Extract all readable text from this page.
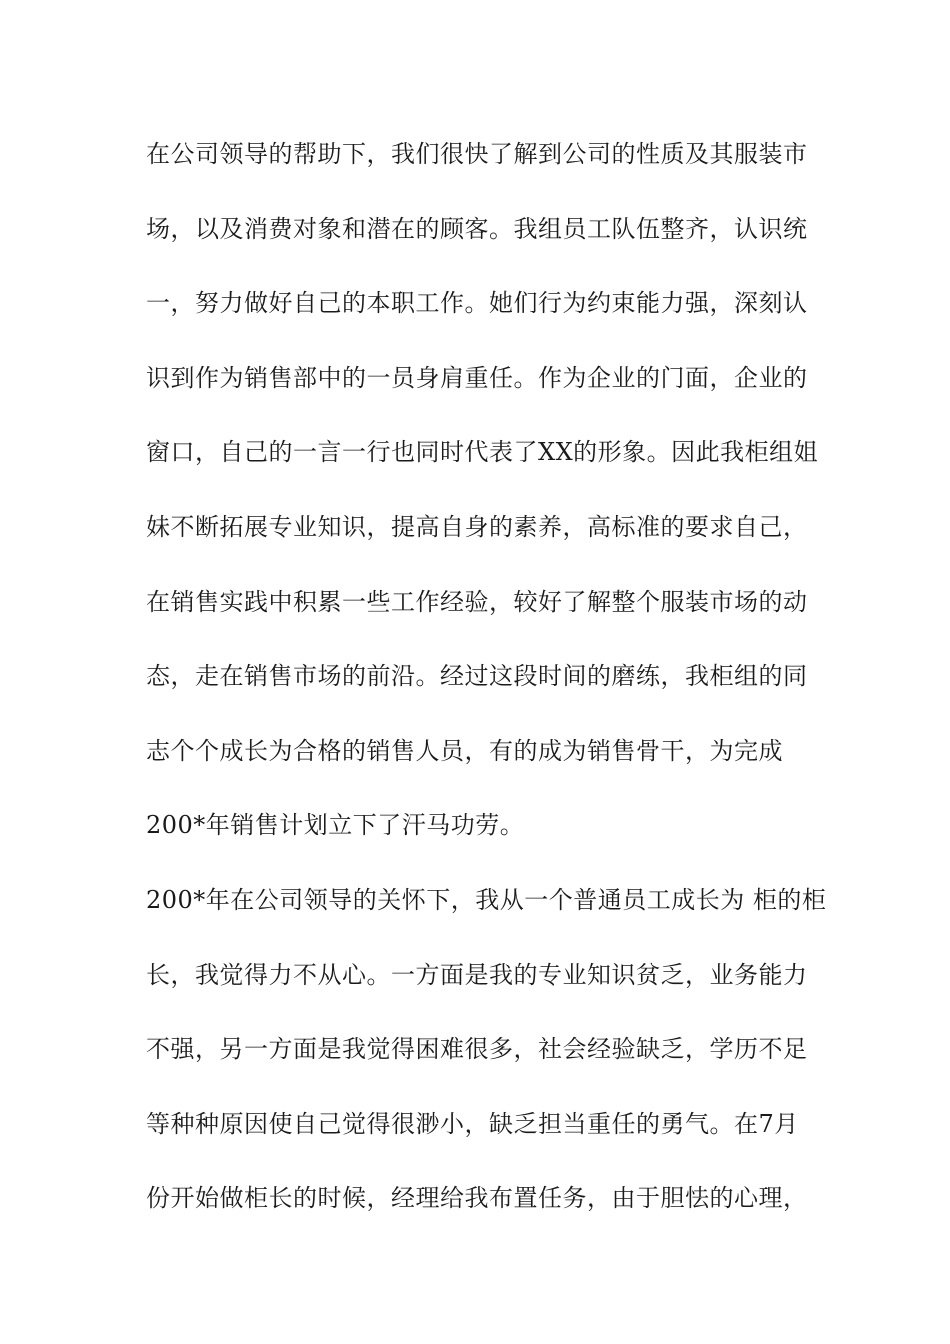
在公司领导的帮助下，我们很快了解到公司的性质及其服装市
场，以及消费对象和潜在的顾客。我组员工队伍整齐，认识统
一，努力做好自己的本职工作。她们行为约束能力强，深刻认
识到作为销售部中的一员身肩重任。作为企业的门面，企业的
窗口，自己的一言一行也同时代表了XX的形象。因此我柜组姐
妹不断拓展专业知识，提高自身的素养，高标准的要求自己，
在销售实践中积累一些工作经验，较好了解整个服装市场的动
态，走在销售市场的前沿。经过这段时间的磨练，我柜组的同
志个个成长为合格的销售人员，有的成为销售骨干，为完成
200*年销售计划立下了汗马功劳。
200*年在公司领导的关怀下，我从一个普通员工成长为 柜的柜
长，我觉得力不从心。一方面是我的专业知识贫乏，业务能力
不强，另一方面是我觉得困难很多，社会经验缺乏，学历不足
等种种原因使自己觉得很渺小，缺乏担当重任的勇气。在7月
份开始做柜长的时候，经理给我布置任务，由于胆怯的心理，
